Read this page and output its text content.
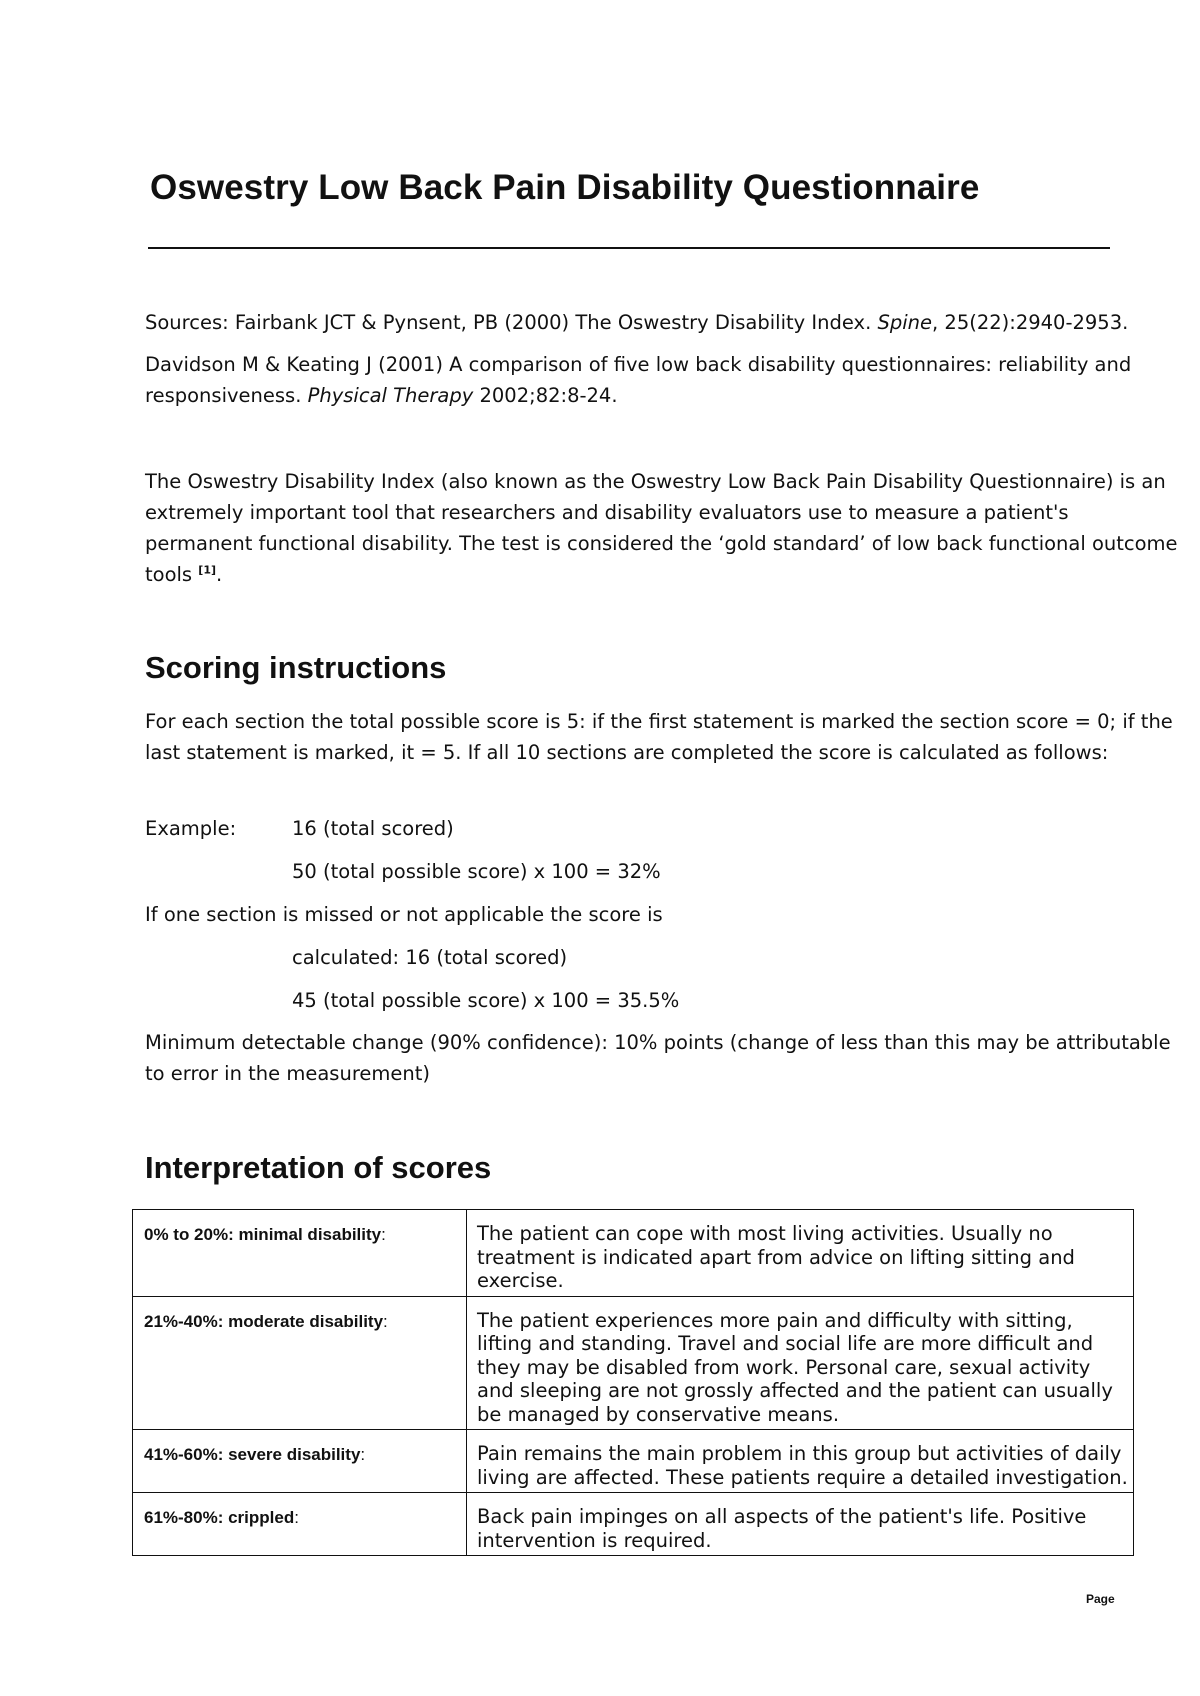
Oswestry Low Back Pain Disability Questionnaire

Sources: Fairbank JCT & Pynsent, PB (2000) The Oswestry Disability Index. Spine, 25(22):2940-2953.

Davidson M & Keating J (2001) A comparison of five low back disability questionnaires: reliability and responsiveness. Physical Therapy 2002;82:8-24.

The Oswestry Disability Index (also known as the Oswestry Low Back Pain Disability Questionnaire) is an extremely important tool that researchers and disability evaluators use to measure a patient's permanent functional disability. The test is considered the ‘gold standard’ of low back functional outcome tools [1].

Scoring instructions

For each section the total possible score is 5: if the first statement is marked the section score = 0; if the last statement is marked, it = 5. If all 10 sections are completed the score is calculated as follows:

Example:	16 (total scored)
50 (total possible score) x 100 = 32%
If one section is missed or not applicable the score is
calculated: 16 (total scored)
45 (total possible score) x 100 = 35.5%

Minimum detectable change (90% confidence): 10% points (change of less than this may be attributable to error in the measurement)

Interpretation of scores
0% to 20%: minimal disability:	The patient can cope with most living activities. Usually no treatment is indicated apart from advice on lifting sitting and exercise.
21%-40%: moderate disability:	The patient experiences more pain and difficulty with sitting, lifting and standing. Travel and social life are more difficult and they may be disabled from work. Personal care, sexual activity and sleeping are not grossly affected and the patient can usually be managed by conservative means.
41%-60%: severe disability:	Pain remains the main problem in this group but activities of daily living are affected. These patients require a detailed investigation.
61%-80%: crippled:	Back pain impinges on all aspects of the patient's life. Positive intervention is required.
Page
